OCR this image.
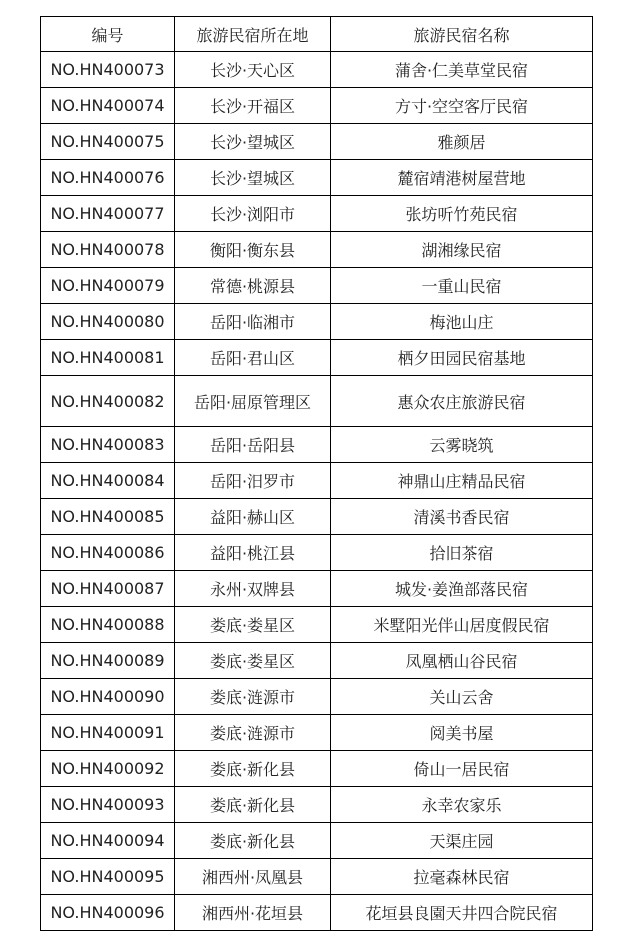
编号	旅游民宿所在地	旅游民宿名称
NO.HN400073	长沙·天心区	蒲舍·仁美草堂民宿
NO.HN400074	长沙·开福区	方寸·空空客厅民宿
NO.HN400075	长沙·望城区	雅颜居
NO.HN400076	长沙·望城区	麓宿靖港树屋营地
NO.HN400077	长沙·浏阳市	张坊听竹苑民宿
NO.HN400078	衡阳·衡东县	湖湘缘民宿
NO.HN400079	常德·桃源县	一重山民宿
NO.HN400080	岳阳·临湘市	梅池山庄
NO.HN400081	岳阳·君山区	栖夕田园民宿基地
NO.HN400082	岳阳·屈原管理区	惠众农庄旅游民宿
NO.HN400083	岳阳·岳阳县	云雾晓筑
NO.HN400084	岳阳·汨罗市	神鼎山庄精品民宿
NO.HN400085	益阳·赫山区	清溪书香民宿
NO.HN400086	益阳·桃江县	拾旧茶宿
NO.HN400087	永州·双牌县	城发·姜渔部落民宿
NO.HN400088	娄底·娄星区	米墅阳光伴山居度假民宿
NO.HN400089	娄底·娄星区	凤凰栖山谷民宿
NO.HN400090	娄底·涟源市	关山云舍
NO.HN400091	娄底·涟源市	阅美书屋
NO.HN400092	娄底·新化县	倚山一居民宿
NO.HN400093	娄底·新化县	永幸农家乐
NO.HN400094	娄底·新化县	天渠庄园
NO.HN400095	湘西州·凤凰县	拉毫森林民宿
NO.HN400096	湘西州·花垣县	花垣县良園天井四合院民宿
